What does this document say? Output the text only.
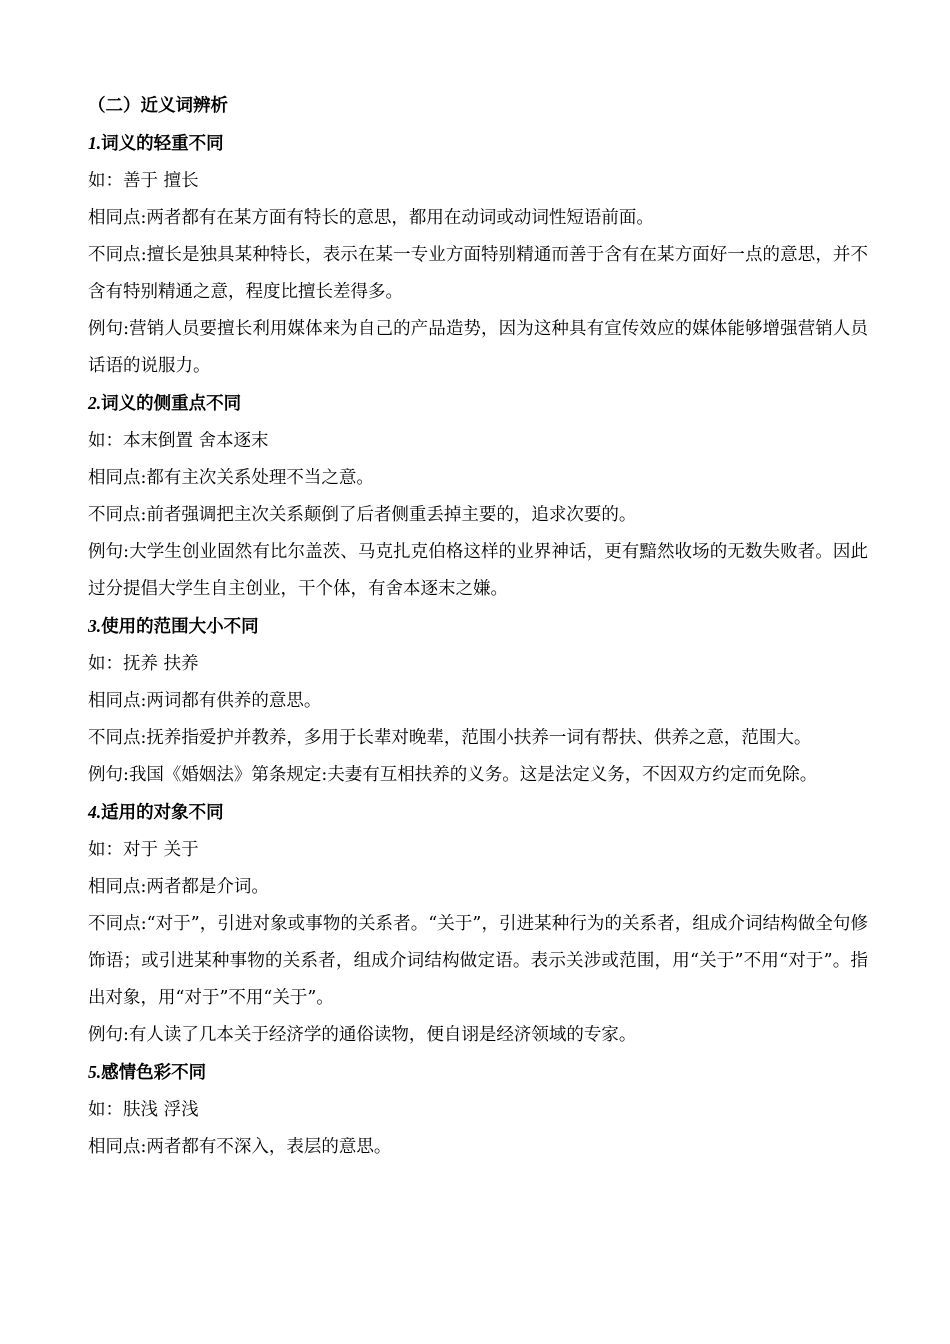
（二）近义词辨析

1.词义的轻重不同

如：善于 擅长

相同点:两者都有在某方面有特长的意思，都用在动词或动词性短语前面。

不同点:擅长是独具某种特长，表示在某一专业方面特别精通而善于含有在某方面好一点的意思，并不含有特别精通之意，程度比擅长差得多。

例句:营销人员要擅长利用媒体来为自己的产品造势，因为这种具有宣传效应的媒体能够增强营销人员话语的说服力。

2.词义的侧重点不同

如：本末倒置 舍本逐末

相同点:都有主次关系处理不当之意。

不同点:前者强调把主次关系颠倒了后者侧重丢掉主要的，追求次要的。

例句:大学生创业固然有比尔盖茨、马克扎克伯格这样的业界神话，更有黯然收场的无数失败者。因此过分提倡大学生自主创业，干个体，有舍本逐末之嫌。

3.使用的范围大小不同

如：抚养 扶养

相同点:两词都有供养的意思。

不同点:抚养指爱护并教养，多用于长辈对晚辈，范围小扶养一词有帮扶、供养之意，范围大。

例句:我国《婚姻法》第条规定:夫妻有互相扶养的义务。这是法定义务，不因双方约定而免除。

4.适用的对象不同

如：对于 关于

相同点:两者都是介词。

不同点:“对于”，引进对象或事物的关系者。“关于”，引进某种行为的关系者，组成介词结构做全句修饰语；或引进某种事物的关系者，组成介词结构做定语。表示关涉或范围，用“关于”不用“对于”。指出对象，用“对于”不用“关于”。

例句:有人读了几本关于经济学的通俗读物，便自诩是经济领域的专家。

5.感情色彩不同

如：肤浅 浮浅

相同点:两者都有不深入，表层的意思。
